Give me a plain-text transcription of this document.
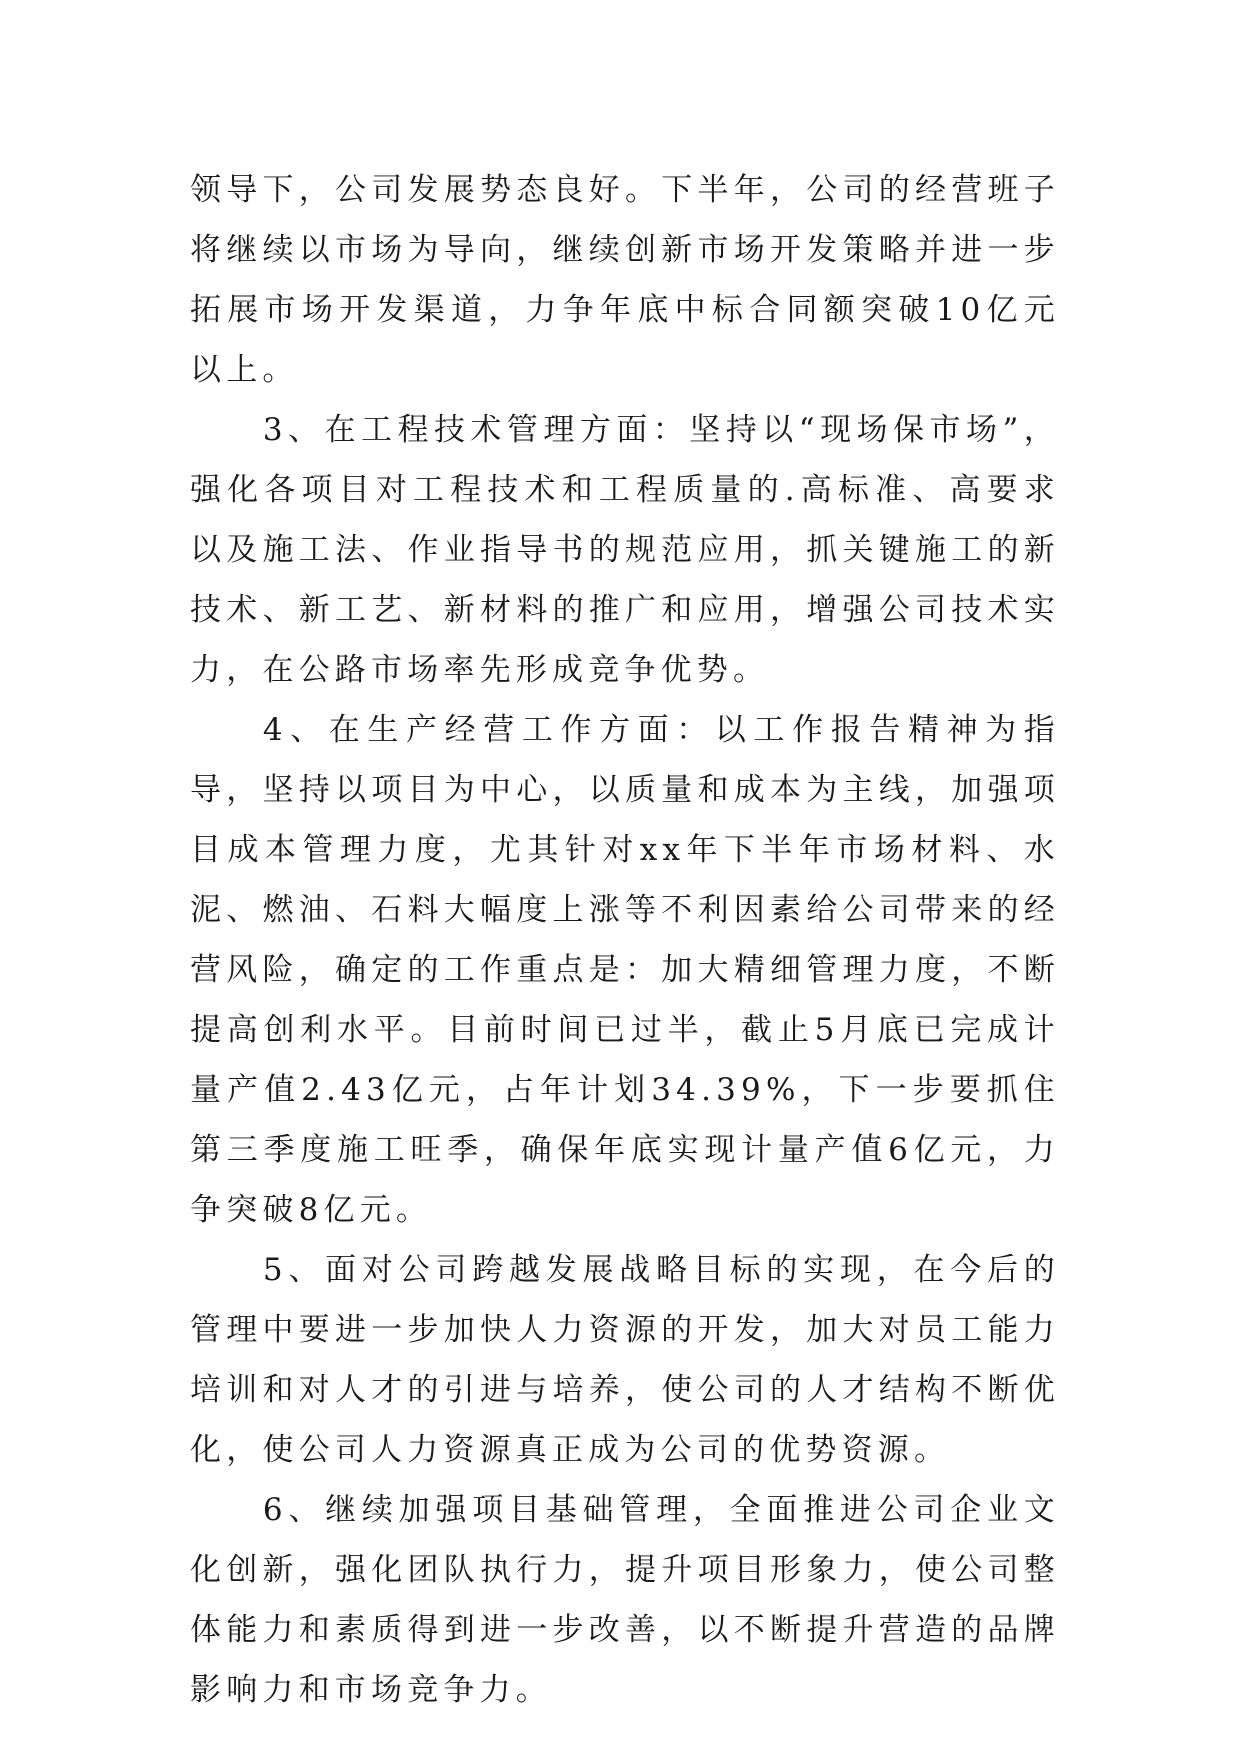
领导下，公司发展势态良好。下半年，公司的经营班子将继续以市场为导向，继续创新市场开发策略并进一步拓展市场开发渠道，力争年底中标合同额突破10亿元以上。

3、在工程技术管理方面：坚持以“现场保市场”，强化各项目对工程技术和工程质量的.高标准、高要求以及施工法、作业指导书的规范应用，抓关键施工的新技术、新工艺、新材料的推广和应用，增强公司技术实力，在公路市场率先形成竞争优势。

4、在生产经营工作方面：以工作报告精神为指导，坚持以项目为中心，以质量和成本为主线，加强项目成本管理力度，尤其针对xx年下半年市场材料、水泥、燃油、石料大幅度上涨等不利因素给公司带来的经营风险，确定的工作重点是：加大精细管理力度，不断提高创利水平。目前时间已过半，截止5月底已完成计量产值2.43亿元，占年计划34.39%，下一步要抓住第三季度施工旺季，确保年底实现计量产值6亿元，力争突破8亿元。

5、面对公司跨越发展战略目标的实现，在今后的管理中要进一步加快人力资源的开发，加大对员工能力培训和对人才的引进与培养，使公司的人才结构不断优化，使公司人力资源真正成为公司的优势资源。

6、继续加强项目基础管理，全面推进公司企业文化创新，强化团队执行力，提升项目形象力，使公司整体能力和素质得到进一步改善，以不断提升营造的品牌影响力和市场竞争力。
